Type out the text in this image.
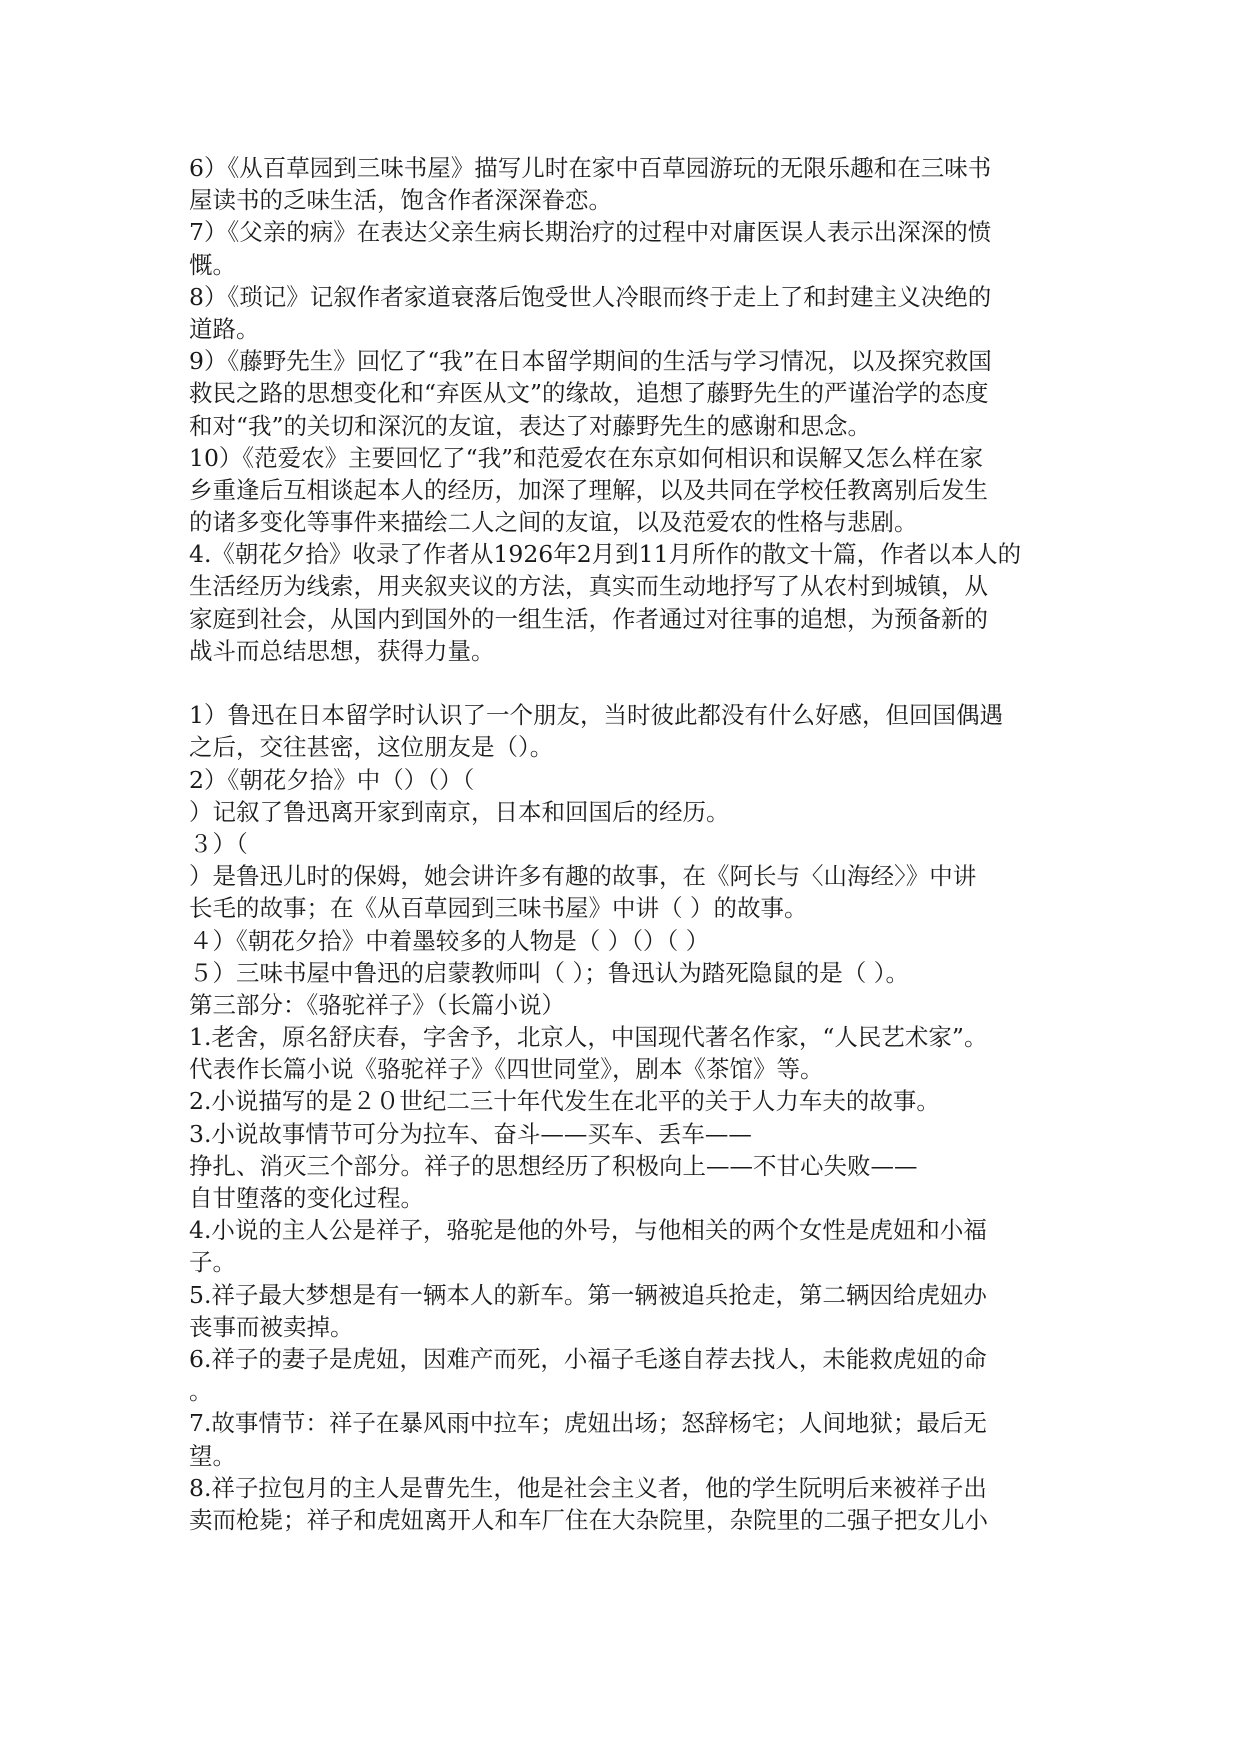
6）《从百草园到三味书屋》描写儿时在家中百草园游玩的无限乐趣和在三味书
屋读书的乏味生活，饱含作者深深眷恋。
7）《父亲的病》在表达父亲生病长期治疗的过程中对庸医误人表示出深深的愤
慨。
8）《琐记》记叙作者家道衰落后饱受世人冷眼而终于走上了和封建主义决绝的
道路。
9）《藤野先生》回忆了“我”在日本留学期间的生活与学习情况，以及探究救国
救民之路的思想变化和“弃医从文”的缘故，追想了藤野先生的严谨治学的态度
和对“我”的关切和深沉的友谊，表达了对藤野先生的感谢和思念。
10）《范爱农》主要回忆了“我”和范爱农在东京如何相识和误解又怎么样在家
乡重逢后互相谈起本人的经历，加深了理解，以及共同在学校任教离别后发生
的诸多变化等事件来描绘二人之间的友谊，以及范爱农的性格与悲剧。
4.《朝花夕拾》收录了作者从1926年2月到11月所作的散文十篇，作者以本人的
生活经历为线索，用夹叙夹议的方法，真实而生动地抒写了从农村到城镇，从
家庭到社会，从国内到国外的一组生活，作者通过对往事的追想，为预备新的
战斗而总结思想，获得力量。
1）鲁迅在日本留学时认识了一个朋友，当时彼此都没有什么好感，但回国偶遇
之后，交往甚密，这位朋友是（）。
2）《朝花夕拾》中（）（）（
）记叙了鲁迅离开家到南京，日本和回国后的经历。
３）（
）是鲁迅儿时的保姆，她会讲许多有趣的故事，在《阿长与〈山海经〉》中讲
长毛的故事；在《从百草园到三味书屋》中讲（ ）的故事。
４）《朝花夕拾》中着墨较多的人物是（ ）（）（ ）
５）三味书屋中鲁迅的启蒙教师叫（ ）；鲁迅认为踏死隐鼠的是（ ）。
第三部分：《骆驼祥子》（长篇小说）
1.老舍，原名舒庆春，字舍予，北京人，中国现代著名作家，“人民艺术家”。
代表作长篇小说《骆驼祥子》《四世同堂》，剧本《茶馆》等。
2.小说描写的是２０世纪二三十年代发生在北平的关于人力车夫的故事。
3.小说故事情节可分为拉车、奋斗——买车、丢车——
挣扎、消灭三个部分。祥子的思想经历了积极向上——不甘心失败——
自甘堕落的变化过程。
4.小说的主人公是祥子，骆驼是他的外号，与他相关的两个女性是虎妞和小福
子。
5.祥子最大梦想是有一辆本人的新车。第一辆被追兵抢走，第二辆因给虎妞办
丧事而被卖掉。
6.祥子的妻子是虎妞，因难产而死，小福子毛遂自荐去找人，未能救虎妞的命
。
7.故事情节：祥子在暴风雨中拉车；虎妞出场；怒辞杨宅；人间地狱；最后无
望。
8.祥子拉包月的主人是曹先生，他是社会主义者，他的学生阮明后来被祥子出
卖而枪毙；祥子和虎妞离开人和车厂住在大杂院里，杂院里的二强子把女儿小
